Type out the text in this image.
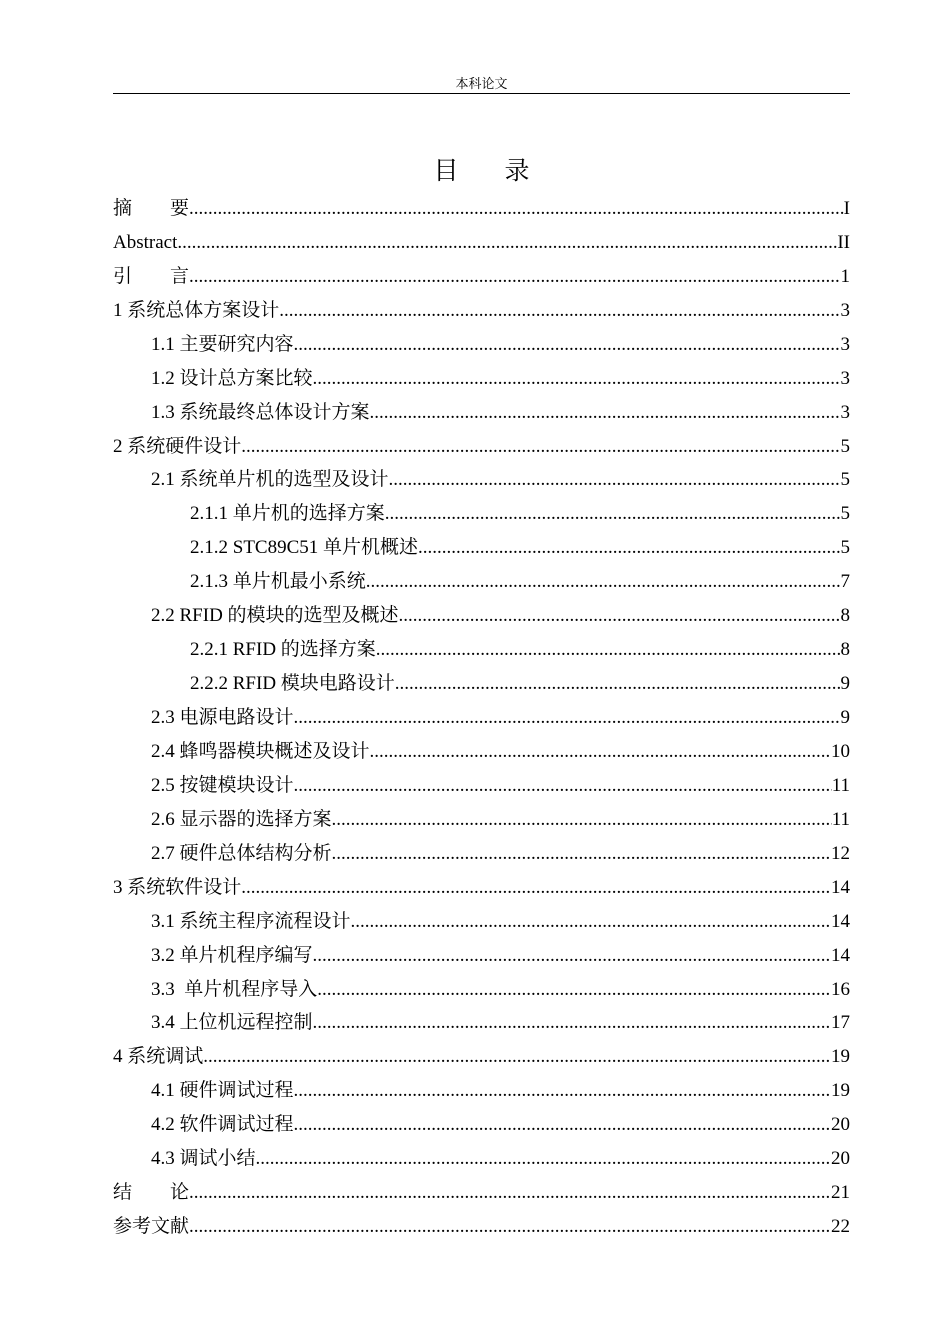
本科论文
目 录
摘　　要 .....	I
Abstract .....	II
引　　言 .....	1
1 系统总体方案设计 .....	3
1.1 主要研究内容 .....	3
1.2 设计总方案比较 .....	3
1.3 系统最终总体设计方案 .....	3
2 系统硬件设计 .....	5
2.1 系统单片机的选型及设计 .....	5
2.1.1 单片机的选择方案 .....	5
2.1.2 STC89C51 单片机概述 .....	5
2.1.3 单片机最小系统 .....	7
2.2 RFID 的模块的选型及概述 .....	8
2.2.1 RFID 的选择方案 .....	8
2.2.2 RFID 模块电路设计 .....	9
2.3 电源电路设计 .....	9
2.4 蜂鸣器模块概述及设计 .....	10
2.5 按键模块设计 .....	11
2.6 显示器的选择方案 .....	11
2.7 硬件总体结构分析 .....	12
3 系统软件设计 .....	14
3.1 系统主程序流程设计 .....	14
3.2 单片机程序编写 .....	14
3.3  单片机程序导入 .....	16
3.4 上位机远程控制 .....	17
4 系统调试 .....	19
4.1 硬件调试过程 .....	19
4.2 软件调试过程 .....	20
4.3 调试小结 .....	20
结　　论 .....	21
参考文献 .....	22
